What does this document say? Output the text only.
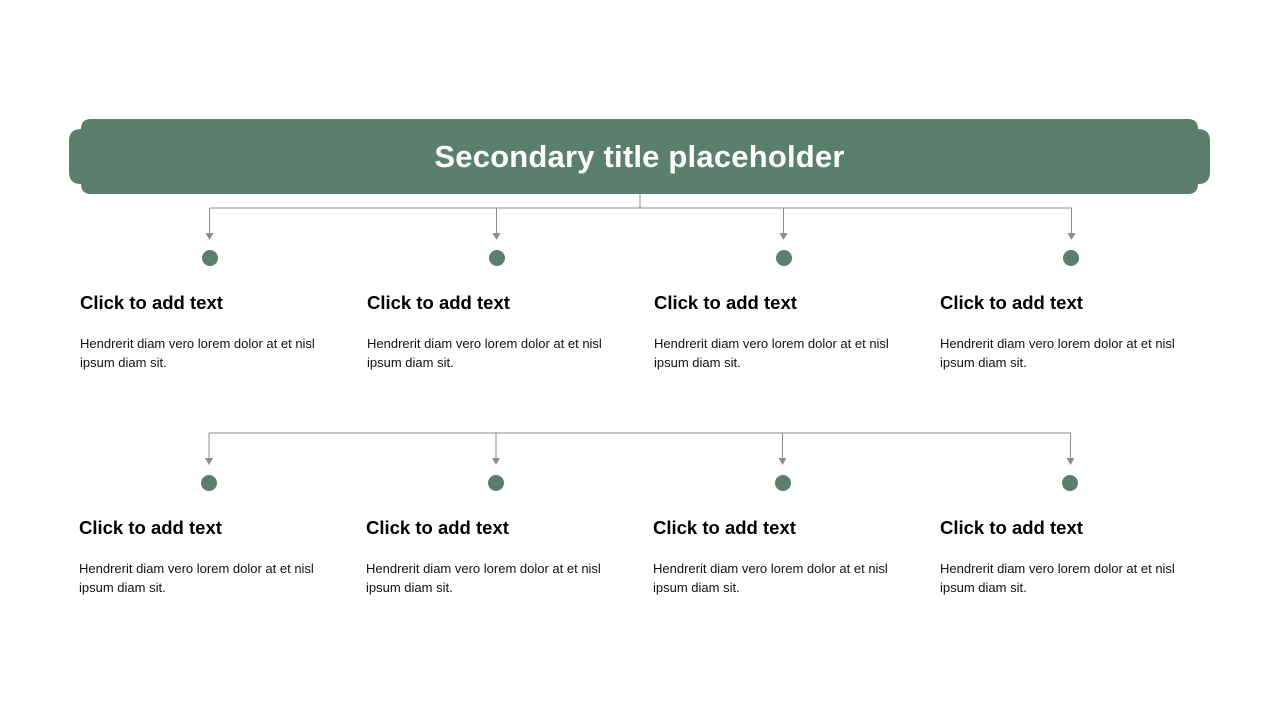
Secondary title placeholder
Click to add text
Hendrerit diam vero lorem dolor at et nisl ipsum diam sit.
Click to add text
Hendrerit diam vero lorem dolor at et nisl ipsum diam sit.
Click to add text
Hendrerit diam vero lorem dolor at et nisl ipsum diam sit.
Click to add text
Hendrerit diam vero lorem dolor at et nisl ipsum diam sit.
Click to add text
Hendrerit diam vero lorem dolor at et nisl ipsum diam sit.
Click to add text
Hendrerit diam vero lorem dolor at et nisl ipsum diam sit.
Click to add text
Hendrerit diam vero lorem dolor at et nisl ipsum diam sit.
Click to add text
Hendrerit diam vero lorem dolor at et nisl ipsum diam sit.
